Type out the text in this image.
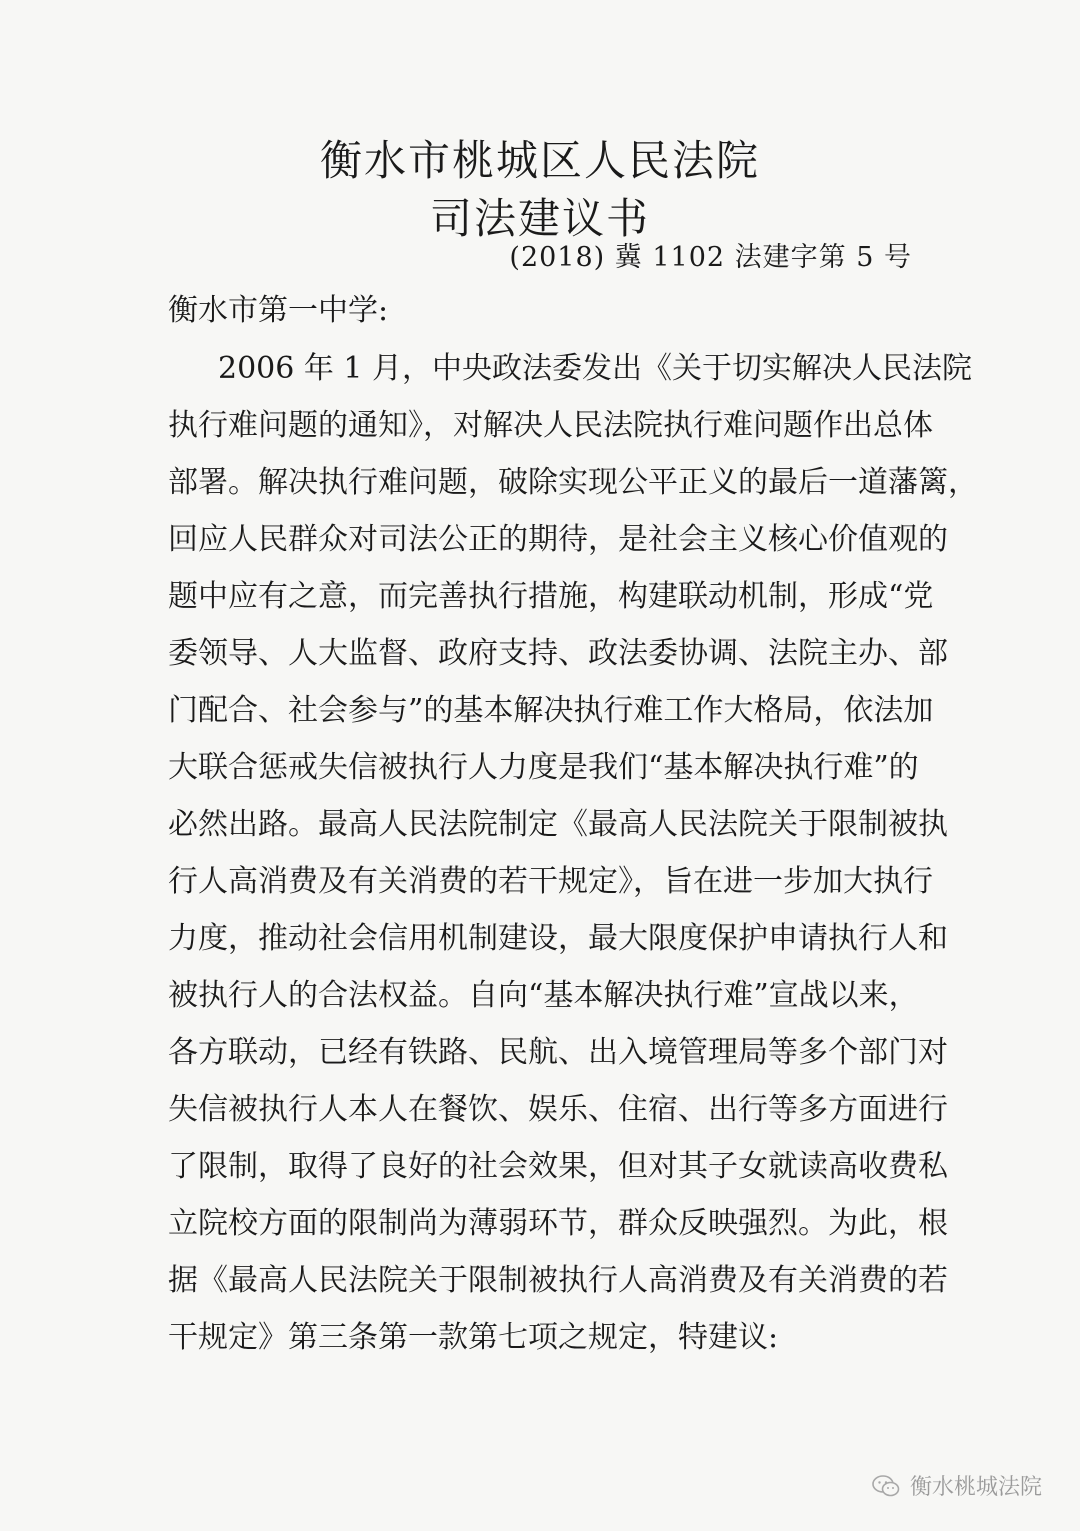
衡水市桃城区人民法院
司法建议书
(2018) 冀 1102 法建字第 5 号
衡水市第一中学:
2006 年 1 月，中央政法委发出《关于切实解决人民法院
执行难问题的通知》，对解决人民法院执行难问题作出总体
部署。解决执行难问题，破除实现公平正义的最后一道藩篱，
回应人民群众对司法公正的期待，是社会主义核心价值观的
题中应有之意，而完善执行措施，构建联动机制，形成“党
委领导、人大监督、政府支持、政法委协调、法院主办、部
门配合、社会参与”的基本解决执行难工作大格局，依法加
大联合惩戒失信被执行人力度是我们“基本解决执行难”的
必然出路。最高人民法院制定《最高人民法院关于限制被执
行人高消费及有关消费的若干规定》，旨在进一步加大执行
力度，推动社会信用机制建设，最大限度保护申请执行人和
被执行人的合法权益。自向“基本解决执行难”宣战以来，
各方联动，已经有铁路、民航、出入境管理局等多个部门对
失信被执行人本人在餐饮、娱乐、住宿、出行等多方面进行
了限制，取得了良好的社会效果，但对其子女就读高收费私
立院校方面的限制尚为薄弱环节，群众反映强烈。为此，根
据《最高人民法院关于限制被执行人高消费及有关消费的若
干规定》第三条第一款第七项之规定，特建议:
衡水桃城法院
